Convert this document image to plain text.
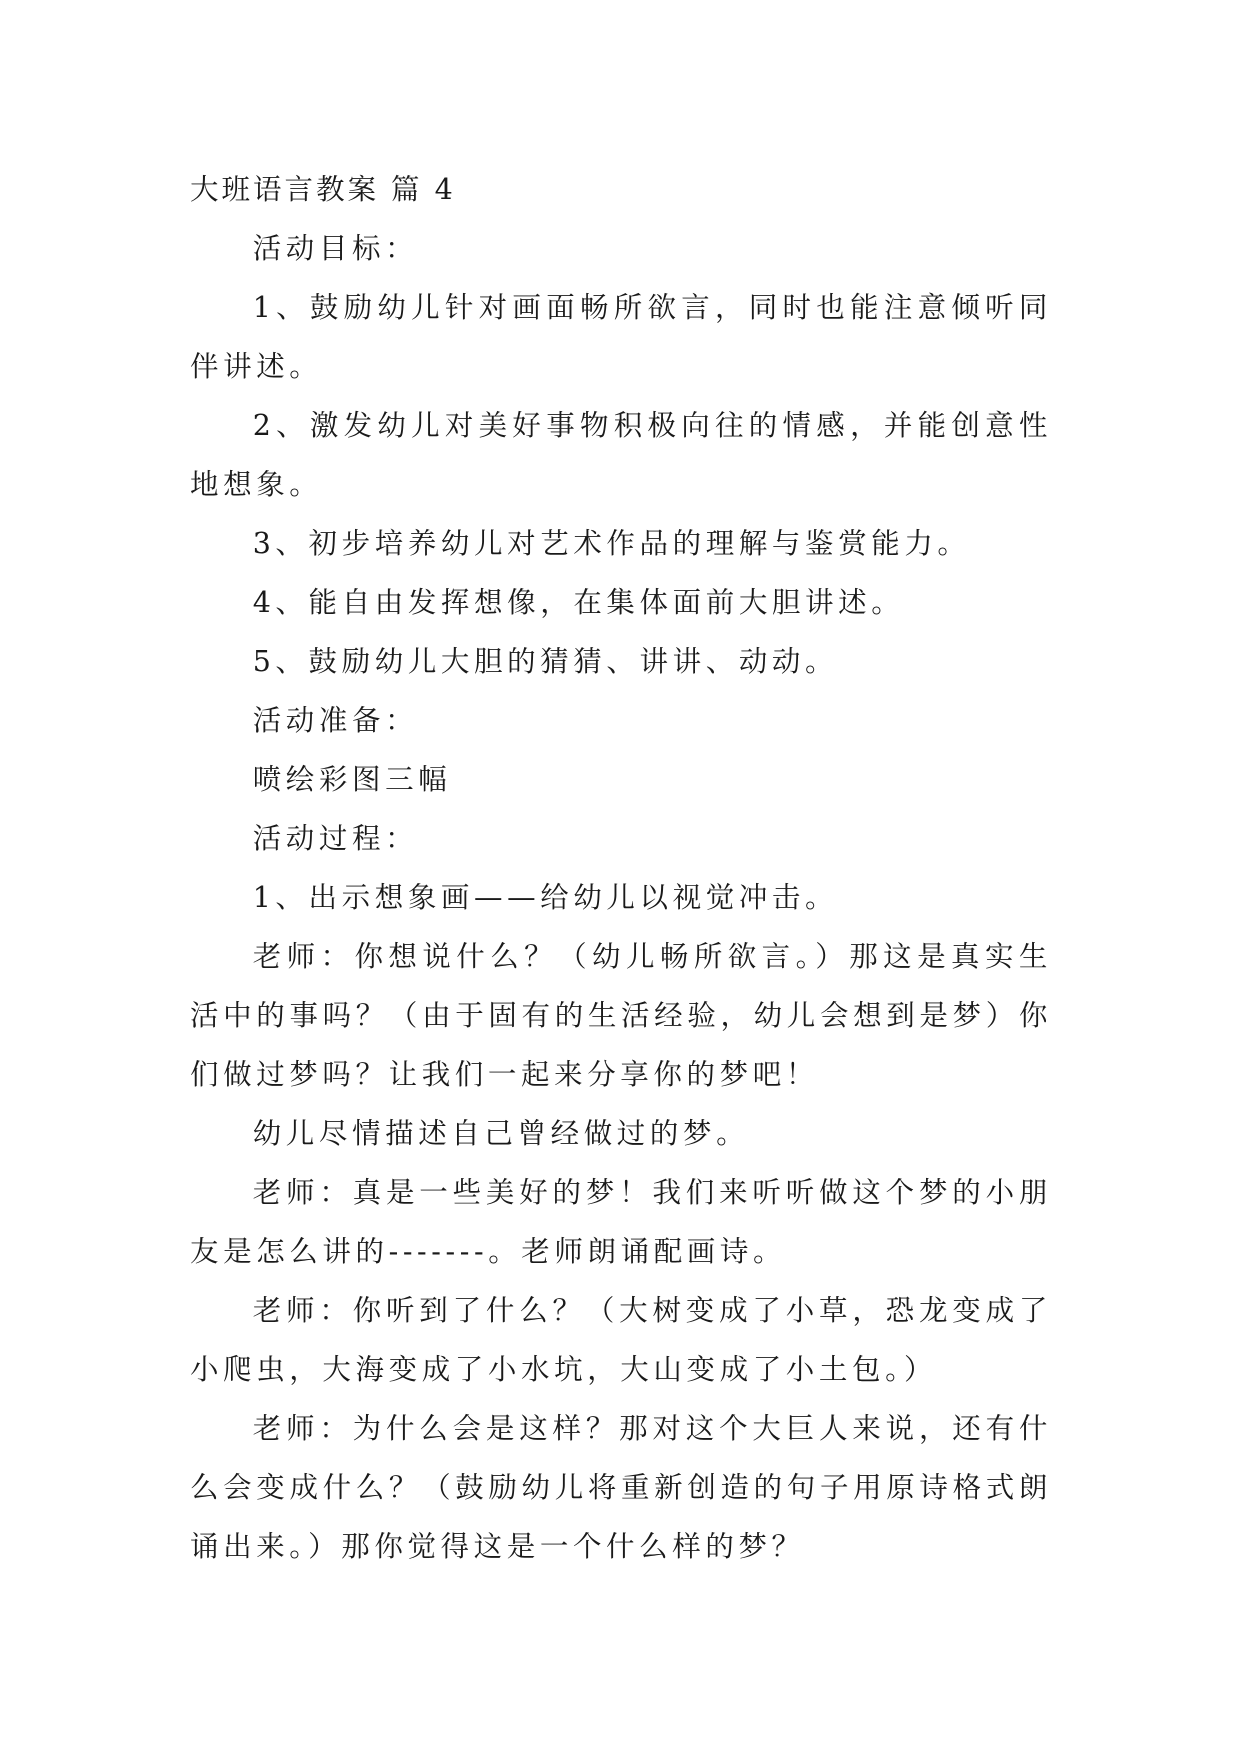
大班语言教案 篇 4

活动目标：

1、鼓励幼儿针对画面畅所欲言，同时也能注意倾听同伴讲述。

2、激发幼儿对美好事物积极向往的情感，并能创意性地想象。

3、初步培养幼儿对艺术作品的理解与鉴赏能力。

4、能自由发挥想像，在集体面前大胆讲述。

5、鼓励幼儿大胆的猜猜、讲讲、动动。

活动准备：

喷绘彩图三幅

活动过程：

1、出示想象画——给幼儿以视觉冲击。

老师：你想说什么？（幼儿畅所欲言。）那这是真实生活中的事吗？（由于固有的生活经验，幼儿会想到是梦）你们做过梦吗？让我们一起来分享你的梦吧！

幼儿尽情描述自己曾经做过的梦。

老师：真是一些美好的梦！我们来听听做这个梦的小朋友是怎么讲的-------。老师朗诵配画诗。

老师：你听到了什么？（大树变成了小草，恐龙变成了小爬虫，大海变成了小水坑，大山变成了小土包。）

老师：为什么会是这样？那对这个大巨人来说，还有什么会变成什么？（鼓励幼儿将重新创造的句子用原诗格式朗诵出来。）那你觉得这是一个什么样的梦？
